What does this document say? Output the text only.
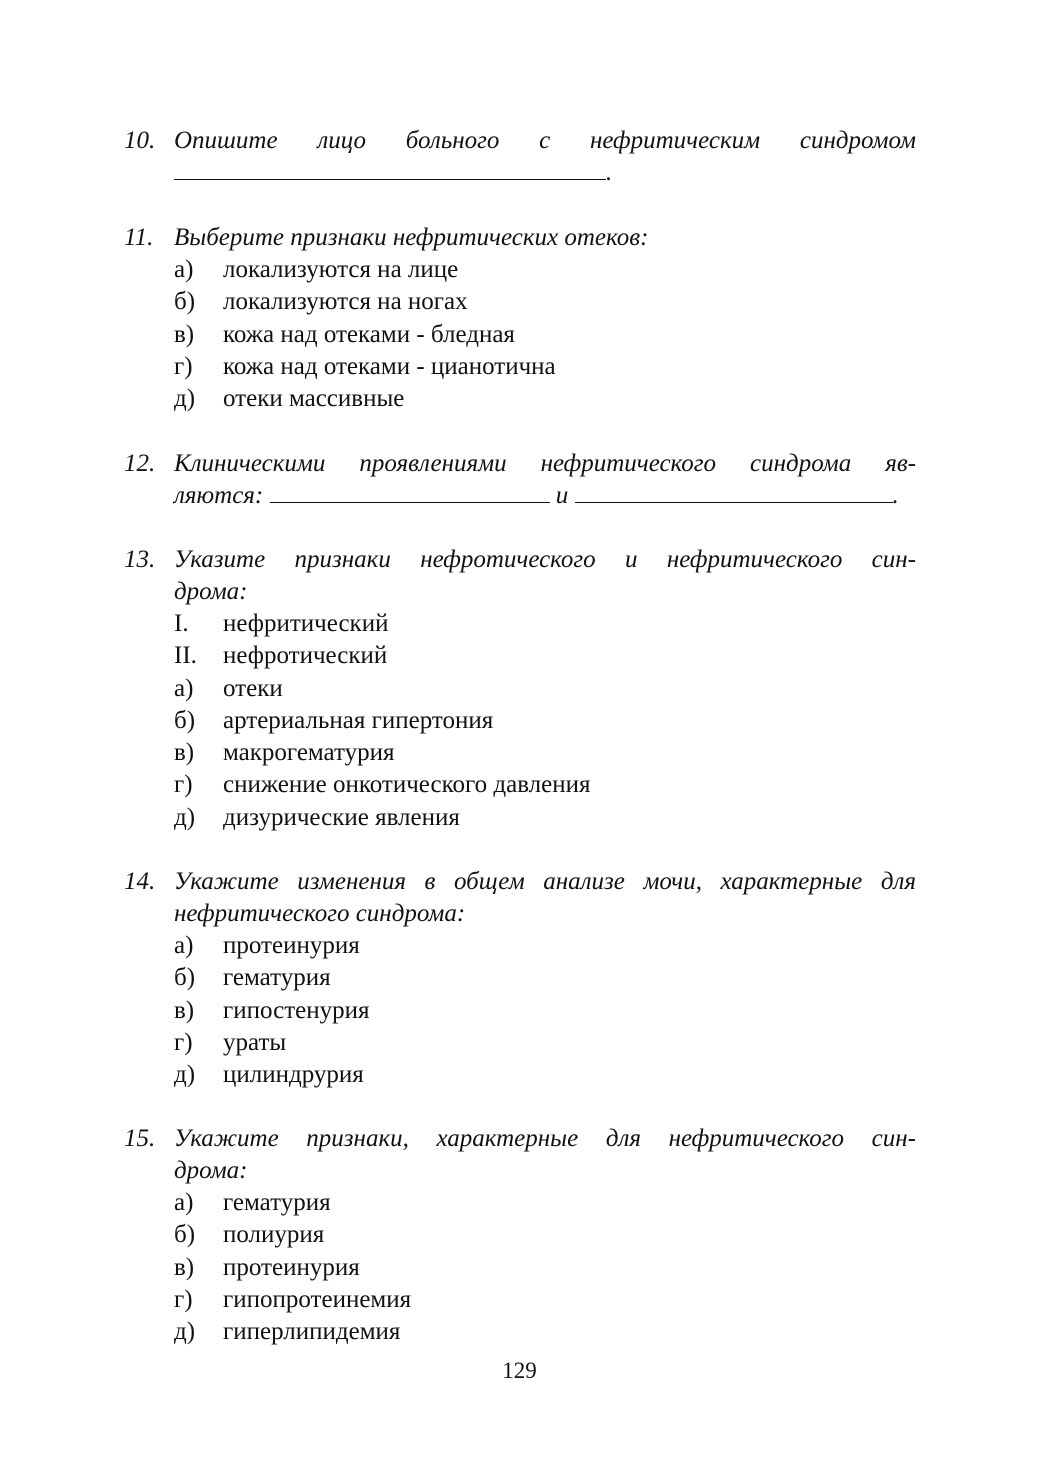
10. Опишите лицо больного с нефритическим синдромом
.
11. Выберите признаки нефритических отеков:
а)	локализуются на лице
б)	локализуются на ногах
в)	кожа над отеками - бледная
г)	кожа над отеками - цианотична
д)	отеки массивные
12. Клиническими проявлениями нефритического синдрома яв-
ляются:	и	.
13. Указите признаки нефротического и нефритического син-
дрома:
I.	нефритический
II.	нефротический
а)	отеки
б)	артериальная гипертония
в)	макрогематурия
г)	снижение онкотического давления
д)	дизурические явления
14. Укажите изменения в общем анализе мочи, характерные для
нефритического синдрома:
а)	протеинурия
б)	гематурия
в)	гипостенурия
г)	ураты
д)	цилиндрурия
15. Укажите признаки, характерные для нефритического син-
дрома:
а)	гематурия
б)	полиурия
в)	протеинурия
г)	гипопротеинемия
д)	гиперлипидемия
129
